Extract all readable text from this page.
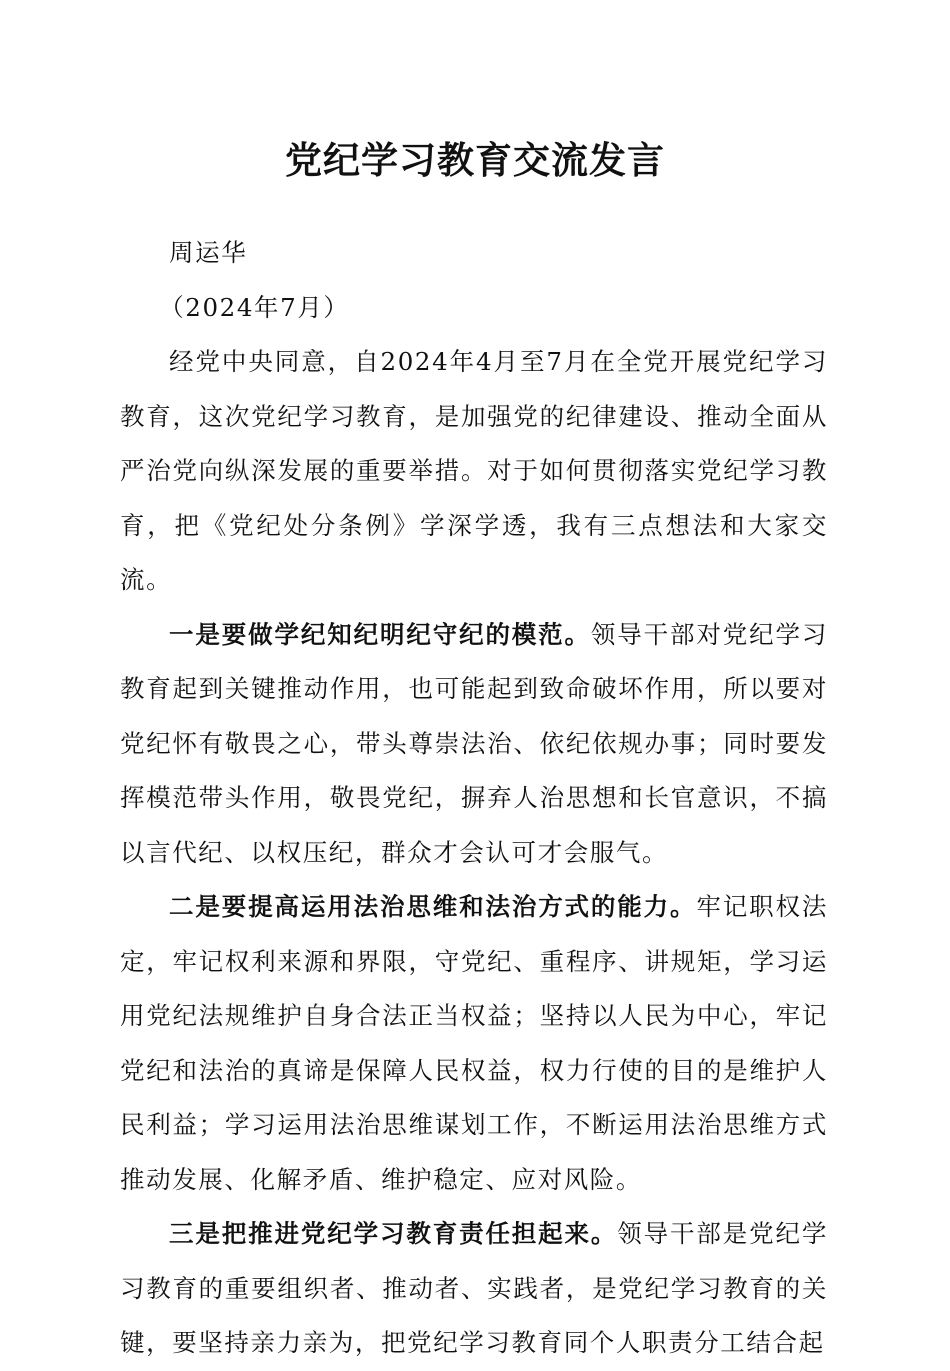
党纪学习教育交流发言

周运华

（2024年7月）

经党中央同意，自2024年4月至7月在全党开展党纪学习教育，这次党纪学习教育，是加强党的纪律建设、推动全面从严治党向纵深发展的重要举措。对于如何贯彻落实党纪学习教育，把《党纪处分条例》学深学透，我有三点想法和大家交流。

一是要做学纪知纪明纪守纪的模范。领导干部对党纪学习教育起到关键推动作用，也可能起到致命破坏作用，所以要对党纪怀有敬畏之心，带头尊崇法治、依纪依规办事；同时要发挥模范带头作用，敬畏党纪，摒弃人治思想和长官意识，不搞以言代纪、以权压纪，群众才会认可才会服气。

二是要提高运用法治思维和法治方式的能力。牢记职权法定，牢记权利来源和界限，守党纪、重程序、讲规矩，学习运用党纪法规维护自身合法正当权益；坚持以人民为中心，牢记党纪和法治的真谛是保障人民权益，权力行使的目的是维护人民利益；学习运用法治思维谋划工作，不断运用法治思维方式推动发展、化解矛盾、维护稳定、应对风险。

三是把推进党纪学习教育责任担起来。领导干部是党纪学习教育的重要组织者、推动者、实践者，是党纪学习教育的关键，要坚持亲力亲为，把党纪学习教育同个人职责分工结合起
